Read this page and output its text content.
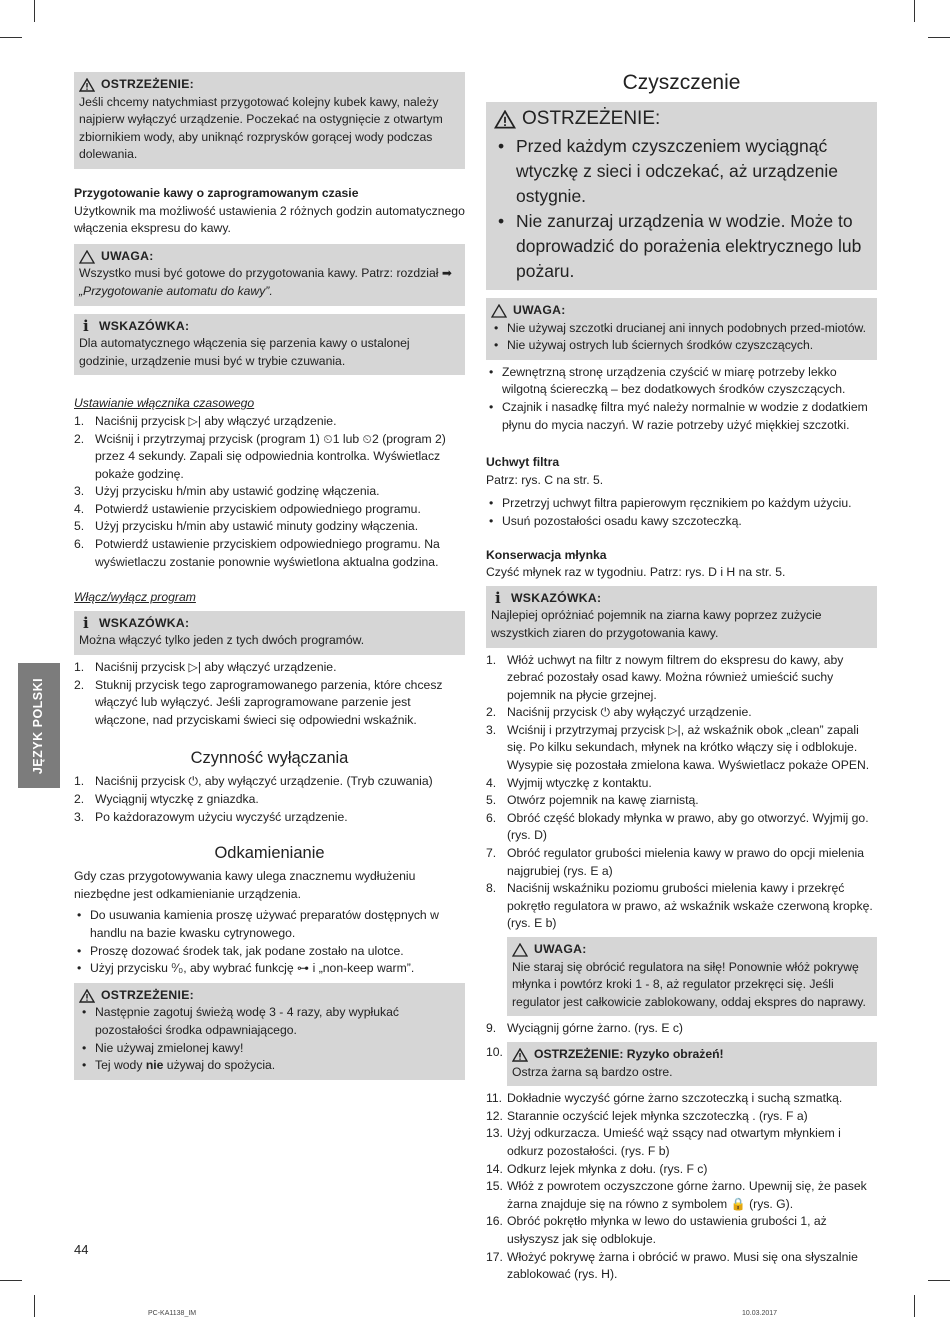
JĘZYK POLSKI
OSTRZEŻENIE:
Jeśli chcemy natychmiast przygotować kolejny kubek kawy, należy najpierw wyłączyć urządzenie. Poczekać na ostygnięcie z otwartym zbiornikiem wody, aby uniknąć rozprysków gorącej wody podczas dolewania.
Przygotowanie kawy o zaprogramowanym czasie
Użytkownik ma możliwość ustawienia 2 różnych godzin automatycznego włączenia ekspresu do kawy.
UWAGA:
Wszystko musi być gotowe do przygotowania kawy. Patrz: rozdział ➡
„Przygotowanie automatu do kawy”.
i WSKAZÓWKA:
Dla automatycznego włączenia się parzenia kawy o ustalonej godzinie, urządzenie musi być w trybie czuwania.
Ustawianie włącznika czasowego
1. Naciśnij przycisk ▷| aby włączyć urządzenie.
2. Wciśnij i przytrzymaj przycisk (program 1) ⏲1 lub ⏲2 (program 2) przez 4 sekundy. Zapali się odpowiednia kontrolka. Wyświetlacz pokaże godzinę.
3. Użyj przycisku h/min aby ustawić godzinę włączenia.
4. Potwierdź ustawienie przyciskiem odpowiedniego programu.
5. Użyj przycisku h/min aby ustawić minuty godziny włączenia.
6. Potwierdź ustawienie przyciskiem odpowiedniego programu. Na wyświetlaczu zostanie ponownie wyświetlona aktualna godzina.
Włącz/wyłącz program
i WSKAZÓWKA:
Można włączyć tylko jeden z tych dwóch programów.
1. Naciśnij przycisk ▷| aby włączyć urządzenie.
2. Stuknij przycisk tego zaprogramowanego parzenia, które chcesz włączyć lub wyłączyć. Jeśli zaprogramowane parzenie jest włączone, nad przyciskami świeci się odpowiedni wskaźnik.
Czynność wyłączania
1. Naciśnij przycisk ⏻, aby wyłączyć urządzenie. (Tryb czuwania)
2. Wyciągnij wtyczkę z gniazdka.
3. Po każdorazowym użyciu wyczyść urządzenie.
Odkamienianie
Gdy czas przygotowywania kawy ulega znacznemu wydłużeniu niezbędne jest odkamienianie urządzenia.
• Do usuwania kamienia proszę używać preparatów dostępnych w handlu na bazie kwasku cytrynowego.
• Proszę dozować środek tak, jak podane zostało na ulotce.
• Użyj przycisku ⁰⁄₀, aby wybrać funkcję ⊶ i „non-keep warm”.
OSTRZEŻENIE:
• Następnie zagotuj świeżą wodę 3 - 4 razy, aby wypłukać pozostałości środka odpawniającego.
• Nie używaj zmielonej kawy!
• Tej wody nie używaj do spożycia.
Czyszczenie
OSTRZEŻENIE:
• Przed każdym czyszczeniem wyciągnąć wtyczkę z sieci i odczekać, aż urządzenie ostygnie.
• Nie zanurzaj urządzenia w wodzie. Może to doprowadzić do porażenia elektrycznego lub pożaru.
UWAGA:
• Nie używaj szczotki drucianej ani innych podobnych przed-miotów.
• Nie używaj ostrych lub ściernych środków czyszczących.
• Zewnętrzną stronę urządzenia czyścić w miarę potrzeby lekko wilgotną ściereczką – bez dodatkowych środków czyszczących.
• Czajnik i nasadkę filtra myć należy normalnie w wodzie z dodatkiem płynu do mycia naczyń. W razie potrzeby użyć miękkiej szczotki.
Uchwyt filtra
Patrz: rys. C na str. 5.
• Przetrzyj uchwyt filtra papierowym ręcznikiem po każdym użyciu.
• Usuń pozostałości osadu kawy szczoteczką.
Konserwacja młynka
Czyść młynek raz w tygodniu. Patrz: rys. D i H na str. 5.
i WSKAZÓWKA:
Najlepiej opróżniać pojemnik na ziarna kawy poprzez zużycie wszystkich ziaren do przygotowania kawy.
1. Włóż uchwyt na filtr z nowym filtrem do ekspresu do kawy, aby zebrać pozostały osad kawy. Można również umieścić suchy pojemnik na płycie grzejnej.
2. Naciśnij przycisk ⏻ aby wyłączyć urządzenie.
3. Wciśnij i przytrzymaj przycisk ▷|, aż wskaźnik obok „clean” zapali się. Po kilku sekundach, młynek na krótko włączy się i odblokuje. Wysypie się pozostała zmielona kawa. Wyświetlacz pokaże OPEN.
4. Wyjmij wtyczkę z kontaktu.
5. Otwórz pojemnik na kawę ziarnistą.
6. Obróć część blokady młynka w prawo, aby go otworzyć. Wyjmij go. (rys. D)
7. Obróć regulator grubości mielenia kawy w prawo do opcji mielenia najgrubiej (rys. E a)
8. Naciśnij wskaźniku poziomu grubości mielenia kawy i przekręć pokrętło regulatora w prawo, aż wskaźnik wskaże czerwoną kropkę. (rys. E b)
UWAGA:
Nie staraj się obrócić regulatora na siłę! Ponownie włóż pokrywę młynka i powtórz kroki 1 - 8, aż regulator przekręci się. Jeśli regulator jest całkowicie zablokowany, oddaj ekspres do naprawy.
9. Wyciągnij górne żarno. (rys. E c)
10.	OSTRZEŻENIE: Ryzyko obrażeń!
Ostrza żarna są bardzo ostre.
11. Dokładnie wyczyść górne żarno szczoteczką i suchą szmatką.
12. Starannie oczyścić lejek młynka szczoteczką . (rys. F a)
13. Użyj odkurzacza. Umieść wąż ssący nad otwartym młynkiem i odkurz pozostałości. (rys. F b)
14. Odkurz lejek młynka z dołu. (rys. F c)
15. Włóż z powrotem oczyszczone górne żarno. Upewnij się, że pasek żarna znajduje się na równo z symbolem 🔒 (rys. G).
16. Obróć pokrętło młynka w lewo do ustawienia grubości 1, aż usłyszysz jak się odblokuje.
17. Włożyć pokrywę żarna i obrócić w prawo. Musi się ona słyszalnie zablokować (rys. H).
44
PC-KA1138_IM	10.03.2017
